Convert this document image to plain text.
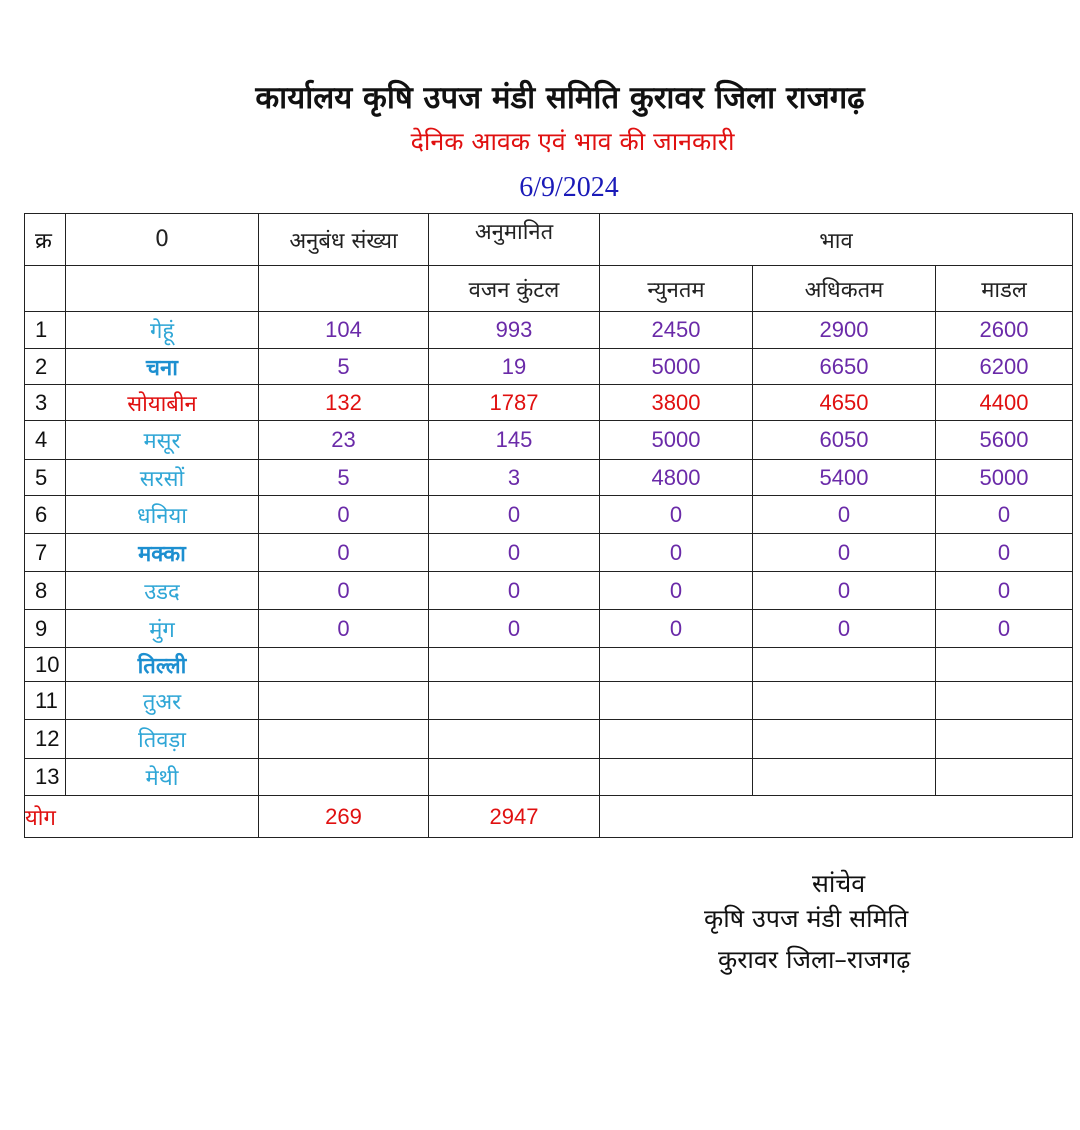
कार्यालय कृषि उपज मंडी समिति कुरावर जिला राजगढ़
देनिक आवक एवं भाव की जानकारी
6/9/2024
क्र	0	अनुबंध संख्या	अनुमानित	भाव		
			वजन कुंटल	न्युनतम	अधिकतम	माडल
1	गेहूं	104	993	2450	2900	2600
2	चना	5	19	5000	6650	6200
3	सोयाबीन	132	1787	3800	4650	4400
4	मसूर	23	145	5000	6050	5600
5	सरसों	5	3	4800	5400	5000
6	धनिया	0	0	0	0	0
7	मक्का	0	0	0	0	0
8	उडद	0	0	0	0	0
9	मुंग	0	0	0	0	0
10	तिल्ली					
11	तुअर					
12	तिवड़ा					
13	मेथी					
योग		269	2947			
सांचेव
कृषि उपज मंडी समिति
कुरावर जिला–राजगढ़
